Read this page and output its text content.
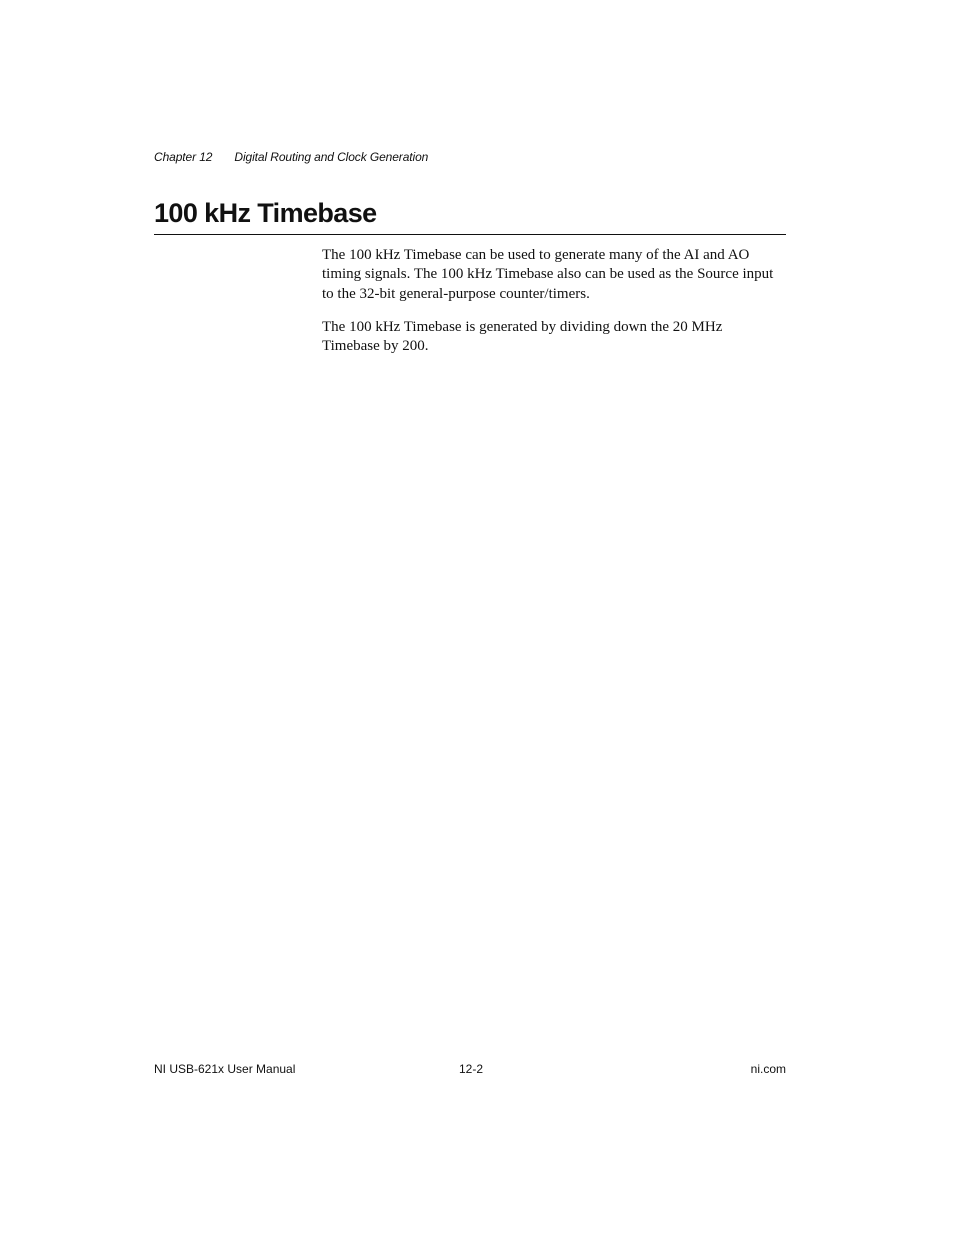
Chapter 12 Digital Routing and Clock Generation
100 kHz Timebase

The 100 kHz Timebase can be used to generate many of the AI and AO
timing signals. The 100 kHz Timebase also can be used as the Source input
to the 32-bit general-purpose counter/timers.

The 100 kHz Timebase is generated by dividing down the 20 MHz
Timebase by 200.

NI USB-621x User Manual	12-2	ni.com
